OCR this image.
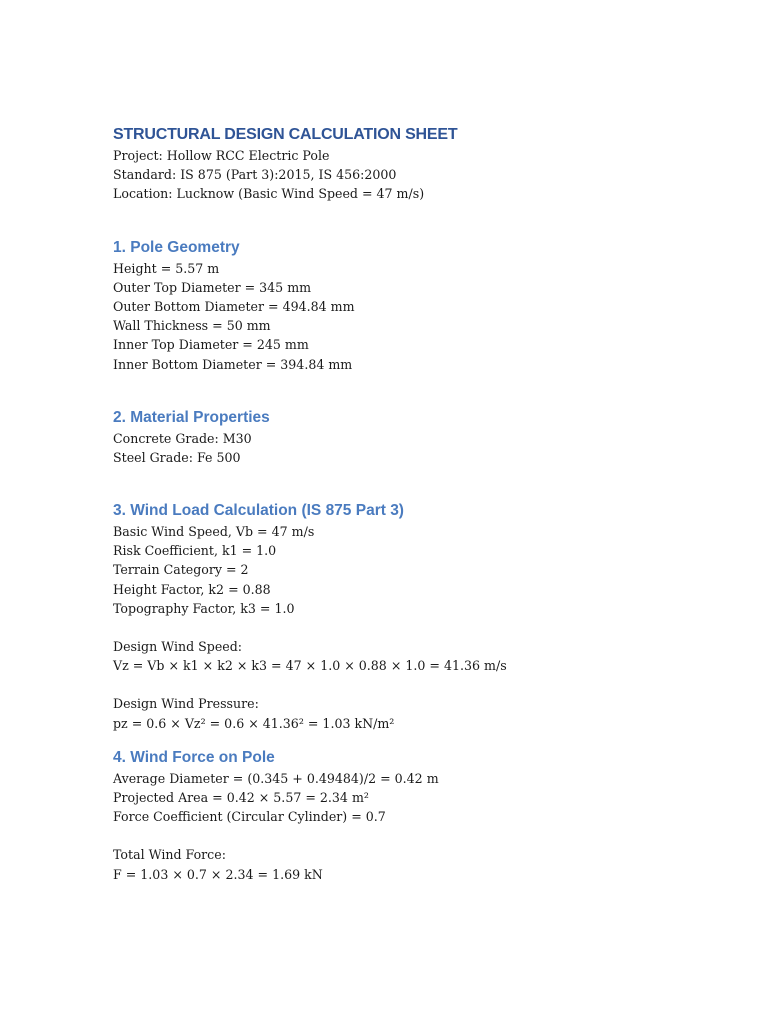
STRUCTURAL DESIGN CALCULATION SHEET

Project: Hollow RCC Electric Pole

Standard: IS 875 (Part 3):2015, IS 456:2000

Location: Lucknow (Basic Wind Speed = 47 m/s)

1. Pole Geometry

Height = 5.57 m

Outer Top Diameter = 345 mm

Outer Bottom Diameter = 494.84 mm

Wall Thickness = 50 mm

Inner Top Diameter = 245 mm

Inner Bottom Diameter = 394.84 mm

2. Material Properties

Concrete Grade: M30

Steel Grade: Fe 500

3. Wind Load Calculation (IS 875 Part 3)

Basic Wind Speed, Vb = 47 m/s

Risk Coefficient, k1 = 1.0

Terrain Category = 2

Height Factor, k2 = 0.88

Topography Factor, k3 = 1.0

Design Wind Speed:

Vz = Vb × k1 × k2 × k3 = 47 × 1.0 × 0.88 × 1.0 = 41.36 m/s

Design Wind Pressure:

pz = 0.6 × Vz² = 0.6 × 41.36² = 1.03 kN/m²

4. Wind Force on Pole

Average Diameter = (0.345 + 0.49484)/2 = 0.42 m

Projected Area = 0.42 × 5.57 = 2.34 m²

Force Coefficient (Circular Cylinder) = 0.7

Total Wind Force:

F = 1.03 × 0.7 × 2.34 = 1.69 kN
